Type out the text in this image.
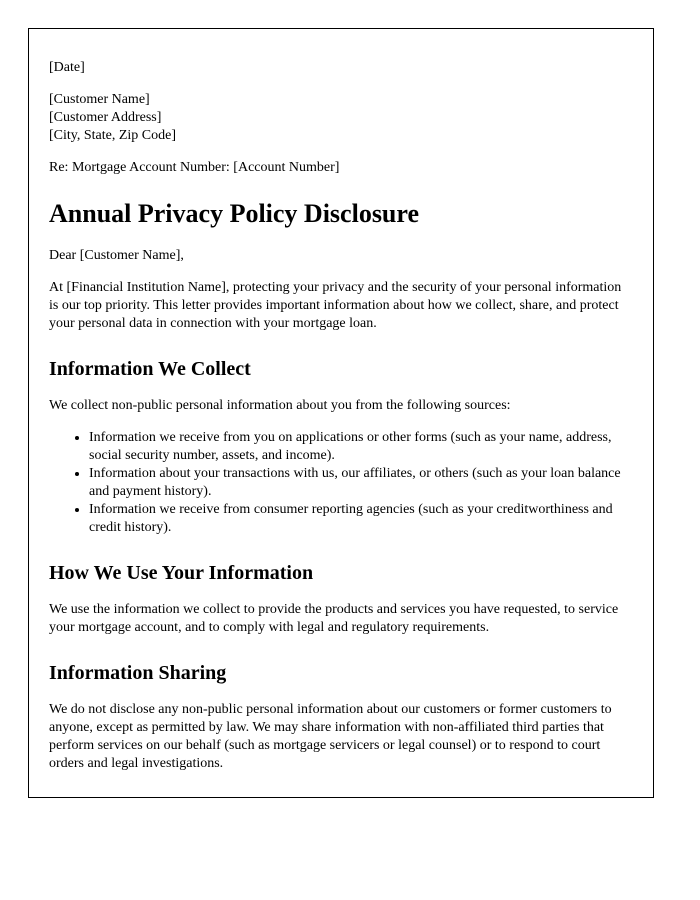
[Date]

[Customer Name]
[Customer Address]
[City, State, Zip Code]

Re: Mortgage Account Number: [Account Number]

Annual Privacy Policy Disclosure

Dear [Customer Name],

At [Financial Institution Name], protecting your privacy and the security of your personal information is our top priority. This letter provides important information about how we collect, share, and protect your personal data in connection with your mortgage loan.

Information We Collect

We collect non-public personal information about you from the following sources:

• Information we receive from you on applications or other forms (such as your name, address, social security number, assets, and income).
• Information about your transactions with us, our affiliates, or others (such as your loan balance and payment history).
• Information we receive from consumer reporting agencies (such as your creditworthiness and credit history).
How We Use Your Information

We use the information we collect to provide the products and services you have requested, to service your mortgage account, and to comply with legal and regulatory requirements.

Information Sharing

We do not disclose any non-public personal information about our customers or former customers to anyone, except as permitted by law. We may share information with non-affiliated third parties that perform services on our behalf (such as mortgage servicers or legal counsel) or to respond to court orders and legal investigations.
